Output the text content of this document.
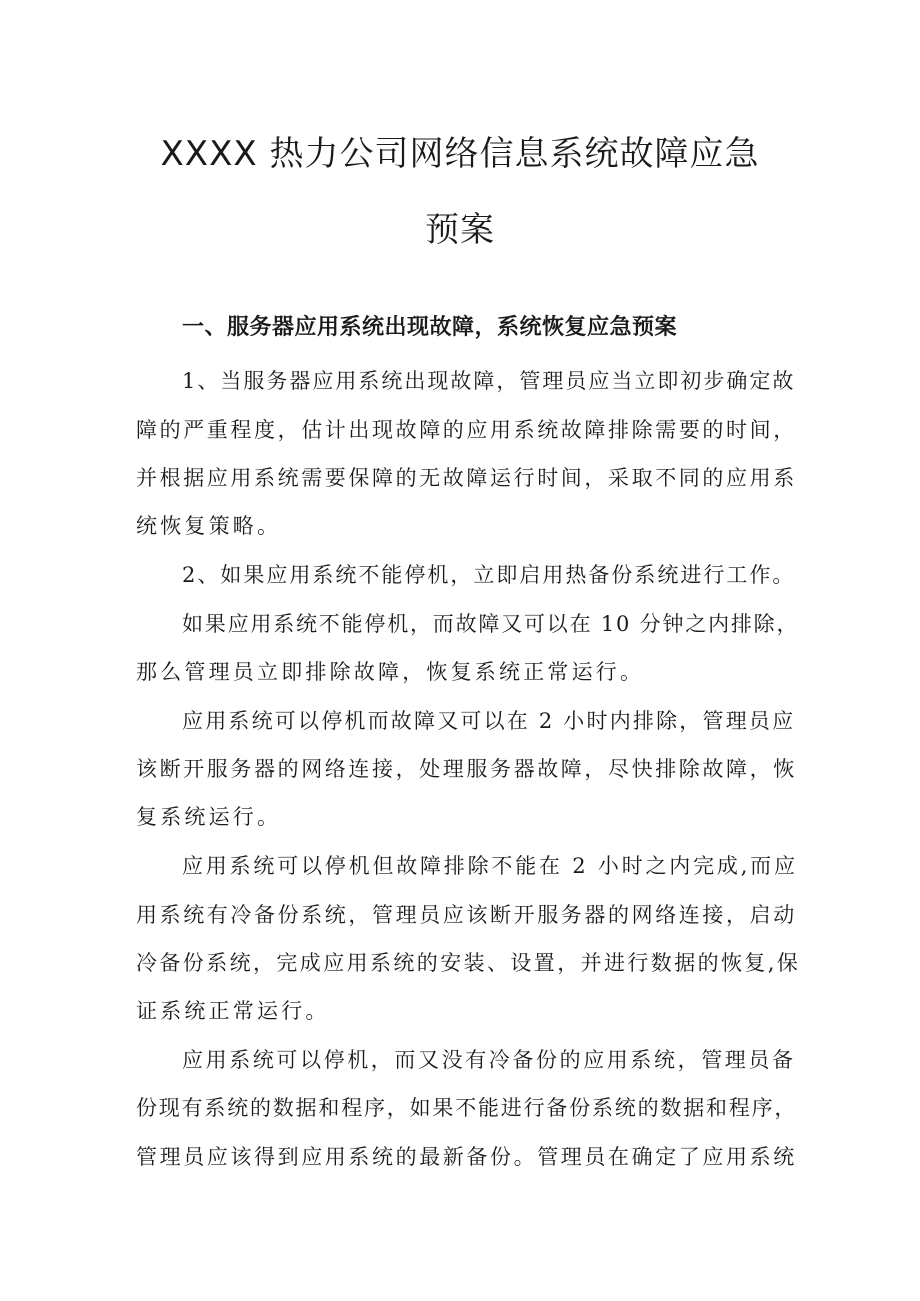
XXXX 热力公司网络信息系统故障应急
预案
一、服务器应用系统出现故障，系统恢复应急预案
1、当服务器应用系统出现故障，管理员应当立即初步确定故
障的严重程度，估计出现故障的应用系统故障排除需要的时间，
并根据应用系统需要保障的无故障运行时间，采取不同的应用系
统恢复策略。
2、如果应用系统不能停机，立即启用热备份系统进行工作。
如果应用系统不能停机，而故障又可以在 10 分钟之内排除，
那么管理员立即排除故障，恢复系统正常运行。
应用系统可以停机而故障又可以在 2 小时内排除，管理员应
该断开服务器的网络连接，处理服务器故障，尽快排除故障，恢
复系统运行。
应用系统可以停机但故障排除不能在 2 小时之内完成,而应
用系统有冷备份系统，管理员应该断开服务器的网络连接，启动
冷备份系统，完成应用系统的安装、设置，并进行数据的恢复,保
证系统正常运行。
应用系统可以停机，而又没有冷备份的应用系统，管理员备
份现有系统的数据和程序，如果不能进行备份系统的数据和程序，
管理员应该得到应用系统的最新备份。管理员在确定了应用系统
